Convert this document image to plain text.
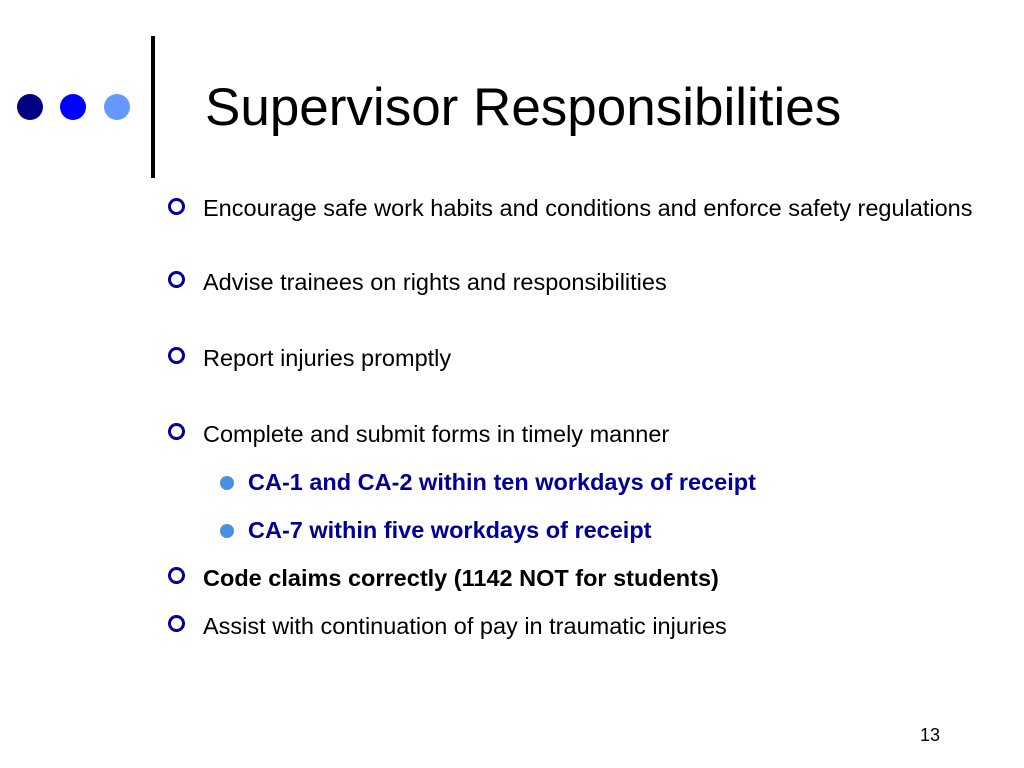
Supervisor Responsibilities
Encourage safe work habits and conditions and enforce safety regulations
Advise trainees on rights and responsibilities
Report injuries promptly
Complete and submit forms in timely manner
CA-1 and CA-2 within ten workdays of receipt
CA-7 within five workdays of receipt
Code claims correctly (1142 NOT for students)
Assist with continuation of pay in traumatic injuries
13
